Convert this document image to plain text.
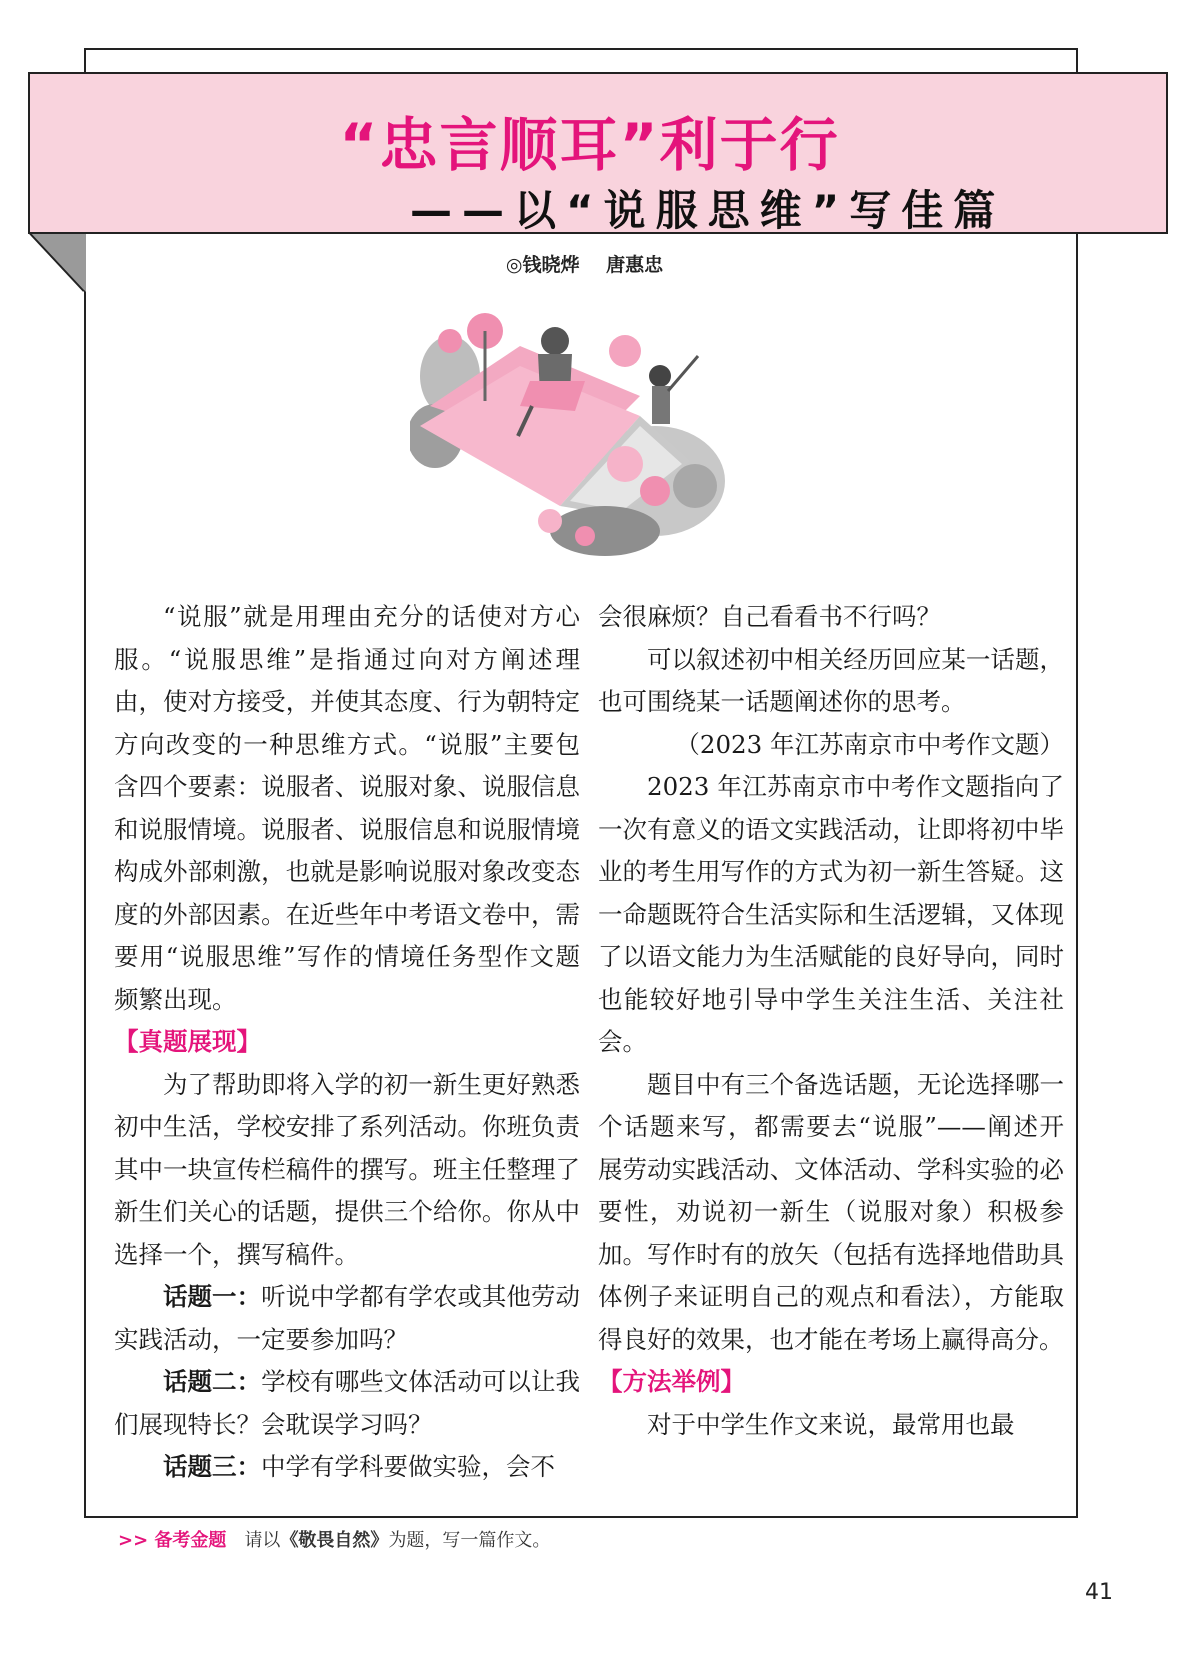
“忠言顺耳”利于行
——以“说服思维”写佳篇
◎钱晓烨 唐惠忠

“说服”就是用理由充分的话使对方心服。“说服思维”是指通过向对方阐述理由，使对方接受，并使其态度、行为朝特定方向改变的一种思维方式。“说服”主要包含四个要素：说服者、说服对象、说服信息和说服情境。说服者、说服信息和说服情境构成外部刺激，也就是影响说服对象改变态度的外部因素。在近些年中考语文卷中，需要用“说服思维”写作的情境任务型作文题频繁出现。

【真题展现】

为了帮助即将入学的初一新生更好熟悉初中生活，学校安排了系列活动。你班负责其中一块宣传栏稿件的撰写。班主任整理了新生们关心的话题，提供三个给你。你从中选择一个，撰写稿件。

话题一：听说中学都有学农或其他劳动实践活动，一定要参加吗？

话题二：学校有哪些文体活动可以让我们展现特长？会耽误学习吗？

话题三：中学有学科要做实验，会不

会很麻烦？自己看看书不行吗？

可以叙述初中相关经历回应某一话题，也可围绕某一话题阐述你的思考。

（2023 年江苏南京市中考作文题）

2023 年江苏南京市中考作文题指向了一次有意义的语文实践活动，让即将初中毕业的考生用写作的方式为初一新生答疑。这一命题既符合生活实际和生活逻辑，又体现了以语文能力为生活赋能的良好导向，同时也能较好地引导中学生关注生活、关注社会。

题目中有三个备选话题，无论选择哪一个话题来写，都需要去“说服”——阐述开展劳动实践活动、文体活动、学科实验的必要性，劝说初一新生（说服对象）积极参加。写作时有的放矢（包括有选择地借助具体例子来证明自己的观点和看法），方能取得良好的效果，也才能在考场上赢得高分。

【方法举例】

对于中学生作文来说，最常用也最

>> 备考金题 请以《敬畏自然》为题，写一篇作文。
41
